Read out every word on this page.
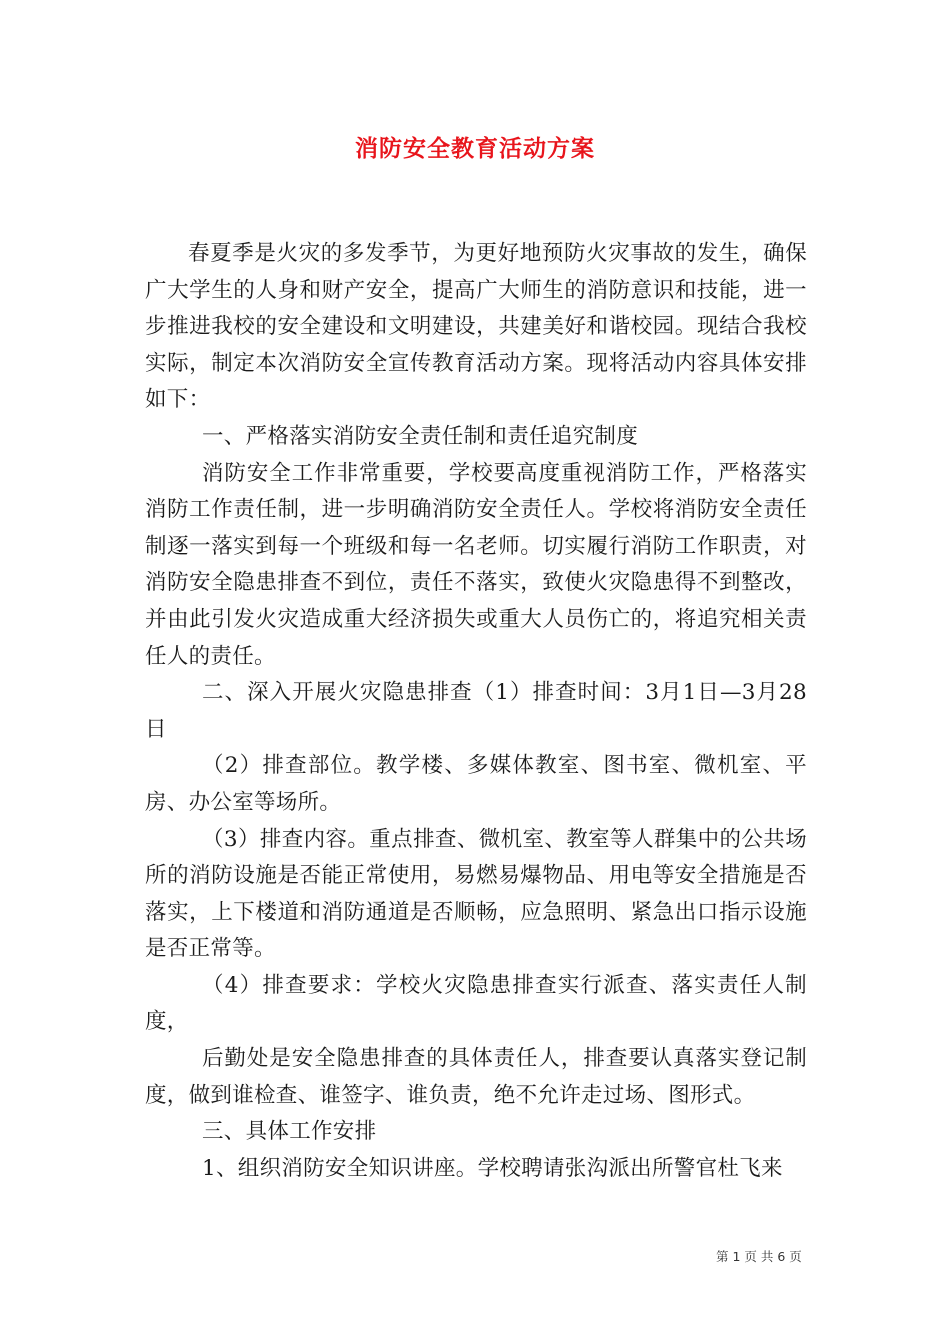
消防安全教育活动方案

春夏季是火灾的多发季节，为更好地预防火灾事故的发生，确保广大学生的人身和财产安全，提高广大师生的消防意识和技能，进一步推进我校的安全建设和文明建设，共建美好和谐校园。现结合我校实际，制定本次消防安全宣传教育活动方案。现将活动内容具体安排如下：

一、严格落实消防安全责任制和责任追究制度

消防安全工作非常重要，学校要高度重视消防工作，严格落实消防工作责任制，进一步明确消防安全责任人。学校将消防安全责任制逐一落实到每一个班级和每一名老师。切实履行消防工作职责，对消防安全隐患排查不到位，责任不落实，致使火灾隐患得不到整改，并由此引发火灾造成重大经济损失或重大人员伤亡的，将追究相关责任人的责任。

二、深入开展火灾隐患排查（1）排查时间：3月1日—3月28日

（2）排查部位。教学楼、多媒体教室、图书室、微机室、平房、办公室等场所。

（3）排查内容。重点排查、微机室、教室等人群集中的公共场所的消防设施是否能正常使用，易燃易爆物品、用电等安全措施是否落实，上下楼道和消防通道是否顺畅，应急照明、紧急出口指示设施是否正常等。

（4）排查要求：学校火灾隐患排查实行派查、落实责任人制度，

后勤处是安全隐患排查的具体责任人，排查要认真落实登记制度，做到谁检查、谁签字、谁负责，绝不允许走过场、图形式。

三、具体工作安排

1、组织消防安全知识讲座。学校聘请张沟派出所警官杜飞来

第 1 页 共 6 页
